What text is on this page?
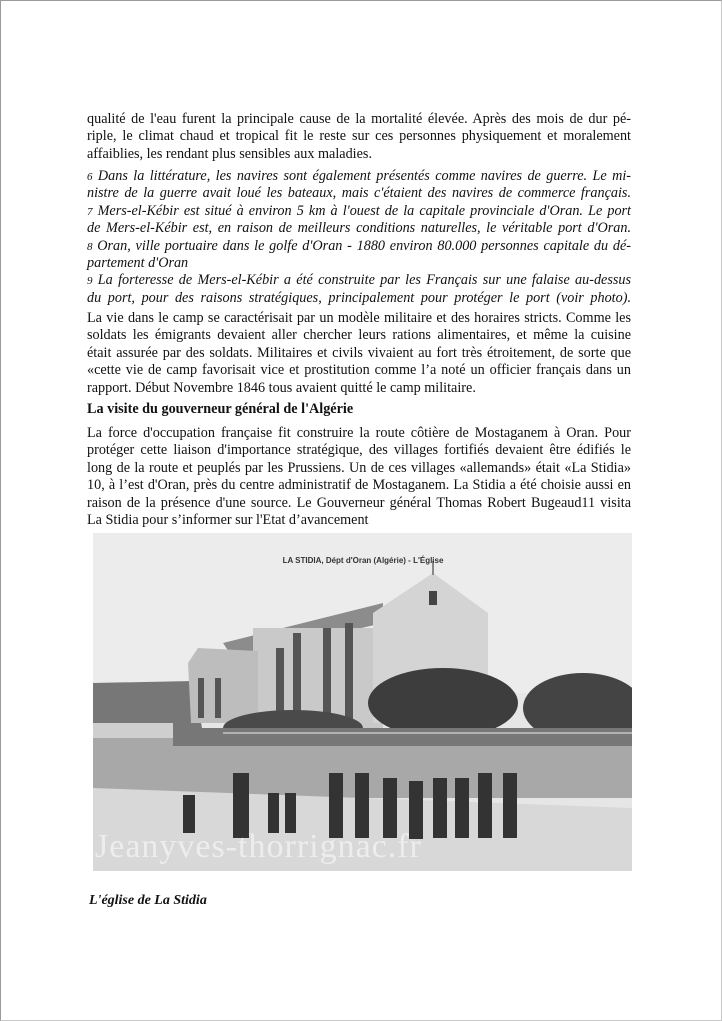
qualité de l'eau furent la principale cause de la mortalité élevée. Après des mois de dur pé-
riple, le climat chaud et tropical fit le reste sur ces personnes physiquement et moralement
affaiblies, les rendant plus sensibles aux maladies.
6 Dans la littérature, les navires sont également présentés comme navires de guerre. Le mi-
nistre de la guerre avait loué les bateaux, mais c'étaient des navires de commerce français.
7 Mers-el-Kébir est situé à environ 5 km à l'ouest de la capitale provinciale d'Oran. Le port
de Mers-el-Kébir est, en raison de meilleurs conditions naturelles, le véritable port d'Oran.
8 Oran, ville portuaire dans le golfe d'Oran - 1880 environ 80.000 personnes capitale du dé-
partement d'Oran
9 La forteresse de Mers-el-Kébir a été construite par les Français sur une falaise au-dessus
du port, pour des raisons stratégiques, principalement pour protéger le port (voir photo).
La vie dans le camp se caractérisait par un modèle militaire et des horaires stricts. Comme les
soldats les émigrants devaient aller chercher leurs rations alimentaires, et même la cuisine
était assurée par des soldats. Militaires et civils vivaient au fort très étroitement, de sorte que
«cette vie de camp favorisait vice et prostitution comme l’a noté un officier français dans un
rapport. Début Novembre 1846 tous avaient quitté le camp militaire.
La visite du gouverneur général de l'Algérie
La force d'occupation française fit construire la route côtière de Mostaganem à Oran. Pour
protéger cette liaison d'importance stratégique, des villages fortifiés devaient être édifiés le
long de la route et peuplés par les Prussiens. Un de ces villages «allemands» était «La Stidia»
10, à l’est d'Oran, près du centre administratif de Mostaganem. La Stidia a été choisie aussi en
raison de la présence d'une source. Le Gouverneur général Thomas Robert Bugeaud11 visita
La Stidia pour s’informer sur l'Etat d’avancement
LA STIDIA, Dépt d'Oran (Algérie) - L'Église
Jeanyves-thorrignac.fr
L'église de La Stidia
